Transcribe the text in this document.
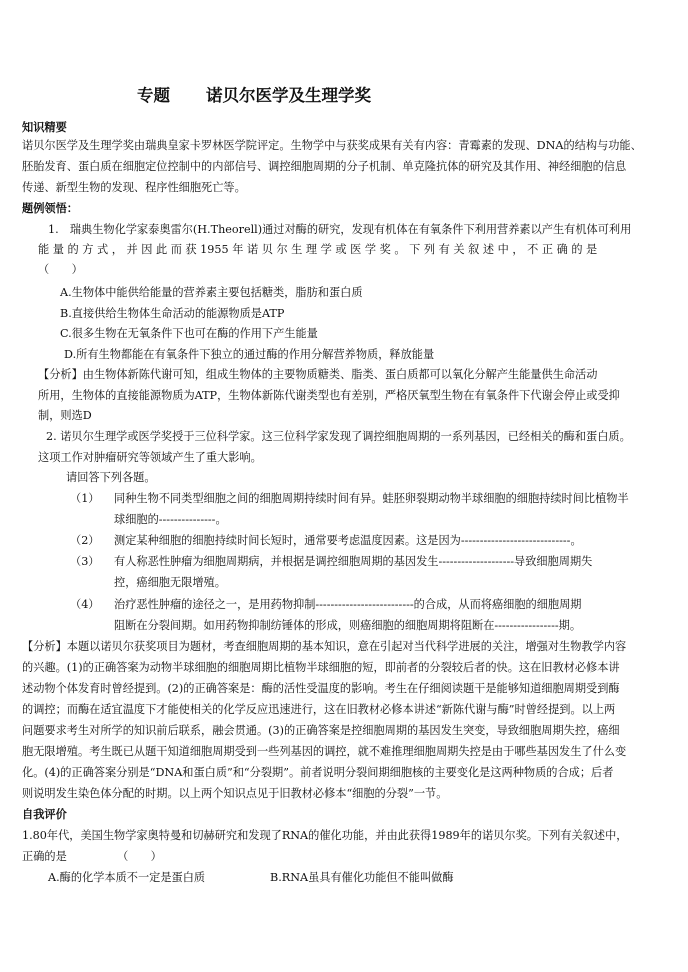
专题 诺贝尔医学及生理学奖
知识精要
诺贝尔医学及生理学奖由瑞典皇家卡罗林医学院评定。生物学中与获奖成果有关有内容：青霉素的发现、DNA的结构与功能、
胚胎发育、蛋白质在细胞定位控制中的内部信号、调控细胞周期的分子机制、单克隆抗体的研究及其作用、神经细胞的信息
传递、新型生物的发现、程序性细胞死亡等。
题例领悟：
1.　瑞典生物化学家泰奥雷尔(H.Theorell)通过对酶的研究，发现有机体在有氧条件下利用营养素以产生有机体可利用
能 量 的 方 式 ， 并 因 此 而 获 1955 年 诺 贝 尔 生 理 学 或 医 学 奖 。 下 列 有 关 叙 述 中 ， 不 正 确 的 是
（　　）
A.生物体中能供给能量的营养素主要包括糖类，脂肪和蛋白质
B.直接供给生物体生命活动的能源物质是ATP
C.很多生物在无氧条件下也可在酶的作用下产生能量
D.所有生物都能在有氧条件下独立的通过酶的作用分解营养物质，释放能量
【分析】由生物体新陈代谢可知，组成生物体的主要物质糖类、脂类、蛋白质都可以氧化分解产生能量供生命活动
所用，生物体的直接能源物质为ATP，生物体新陈代谢类型也有差别，严格厌氧型生物在有氧条件下代谢会停止或受抑
制，则选D
2. 诺贝尔生理学或医学奖授于三位科学家。这三位科学家发现了调控细胞周期的一系列基因，已经相关的酶和蛋白质。
这项工作对肿瘤研究等领域产生了重大影响。
请回答下列各题。
（1） 同种生物不同类型细胞之间的细胞周期持续时间有异。蛙胚卵裂期动物半球细胞的细胞持续时间比植物半
球细胞的---------------。
（2） 测定某种细胞的细胞持续时间长短时，通常要考虑温度因素。这是因为-----------------------------。
（3） 有人称恶性肿瘤为细胞周期病，并根据是调控细胞周期的基因发生--------------------导致细胞周期失
控，癌细胞无限增殖。
（4） 治疗恶性肿瘤的途径之一，是用药物抑制--------------------------的合成，从而将癌细胞的细胞周期
阻断在分裂间期。如用药物抑制纺锤体的形成，则癌细胞的细胞周期将阻断在-----------------期。
【分析】本题以诺贝尔获奖项目为题材，考查细胞周期的基本知识，意在引起对当代科学进展的关注，增强对生物教学内容
的兴趣。(1)的正确答案为动物半球细胞的细胞周期比植物半球细胞的短，即前者的分裂较后者的快。这在旧教材必修本讲
述动物个体发育时曾经提到。(2)的正确答案是：酶的活性受温度的影响。考生在仔细阅读题干是能够知道细胞周期受到酶
的调控；而酶在适宜温度下才能使相关的化学反应迅速进行，这在旧教材必修本讲述“新陈代谢与酶”时曾经提到。以上两
问题要求考生对所学的知识前后联系，融会贯通。(3)的正确答案是控细胞周期的基因发生突变，导致细胞周期失控，癌细
胞无限增殖。考生既已从题干知道细胞周期受到一些列基因的调控，就不难推理细胞周期失控是由于哪些基因发生了什么变
化。(4)的正确答案分别是“DNA和蛋白质”和“分裂期”。前者说明分裂间期细胞核的主要变化是这两种物质的合成；后者
则说明发生染色体分配的时期。以上两个知识点见于旧教材必修本“细胞的分裂”一节。
自我评价
1.80年代，美国生物学家奥特曼和切赫研究和发现了RNA的催化功能，并由此获得1989年的诺贝尔奖。下列有关叙述中，
正确的是　　　　　（　　）
A.酶的化学本质不一定是蛋白质	B.RNA虽具有催化功能但不能叫做酶
